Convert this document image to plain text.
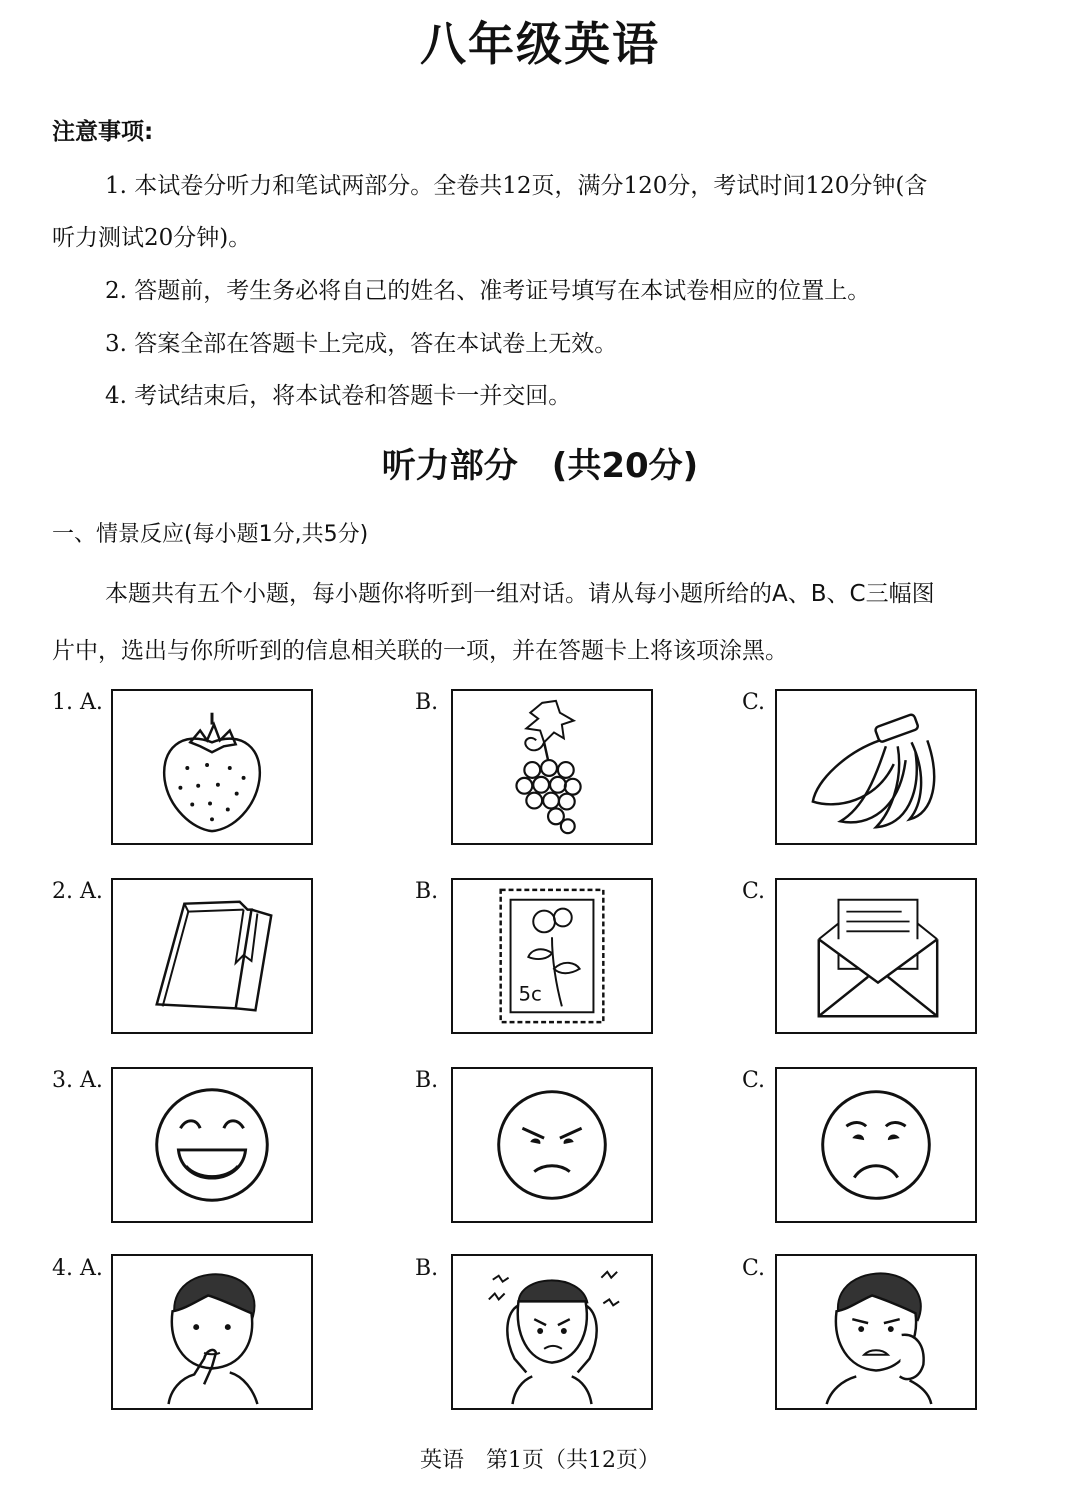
八年级英语
注意事项:
1. 本试卷分听力和笔试两部分。全卷共12页，满分120分，考试时间120分钟(含
听力测试20分钟)。
2. 答题前，考生务必将自己的姓名、准考证号填写在本试卷相应的位置上。
3. 答案全部在答题卡上完成，答在本试卷上无效。
4. 考试结束后，将本试卷和答题卡一并交回。
听力部分　(共20分)
一、情景反应(每小题1分,共5分)
本题共有五个小题，每小题你将听到一组对话。请从每小题所给的A、B、C三幅图
片中，选出与你所听到的信息相关联的一项，并在答题卡上将该项涂黑。
1. A.	B.	C.
2. A.	B.	C.
5c
3. A.	B.	C.
4. A.	B.	C.
英语　第1页（共12页）
